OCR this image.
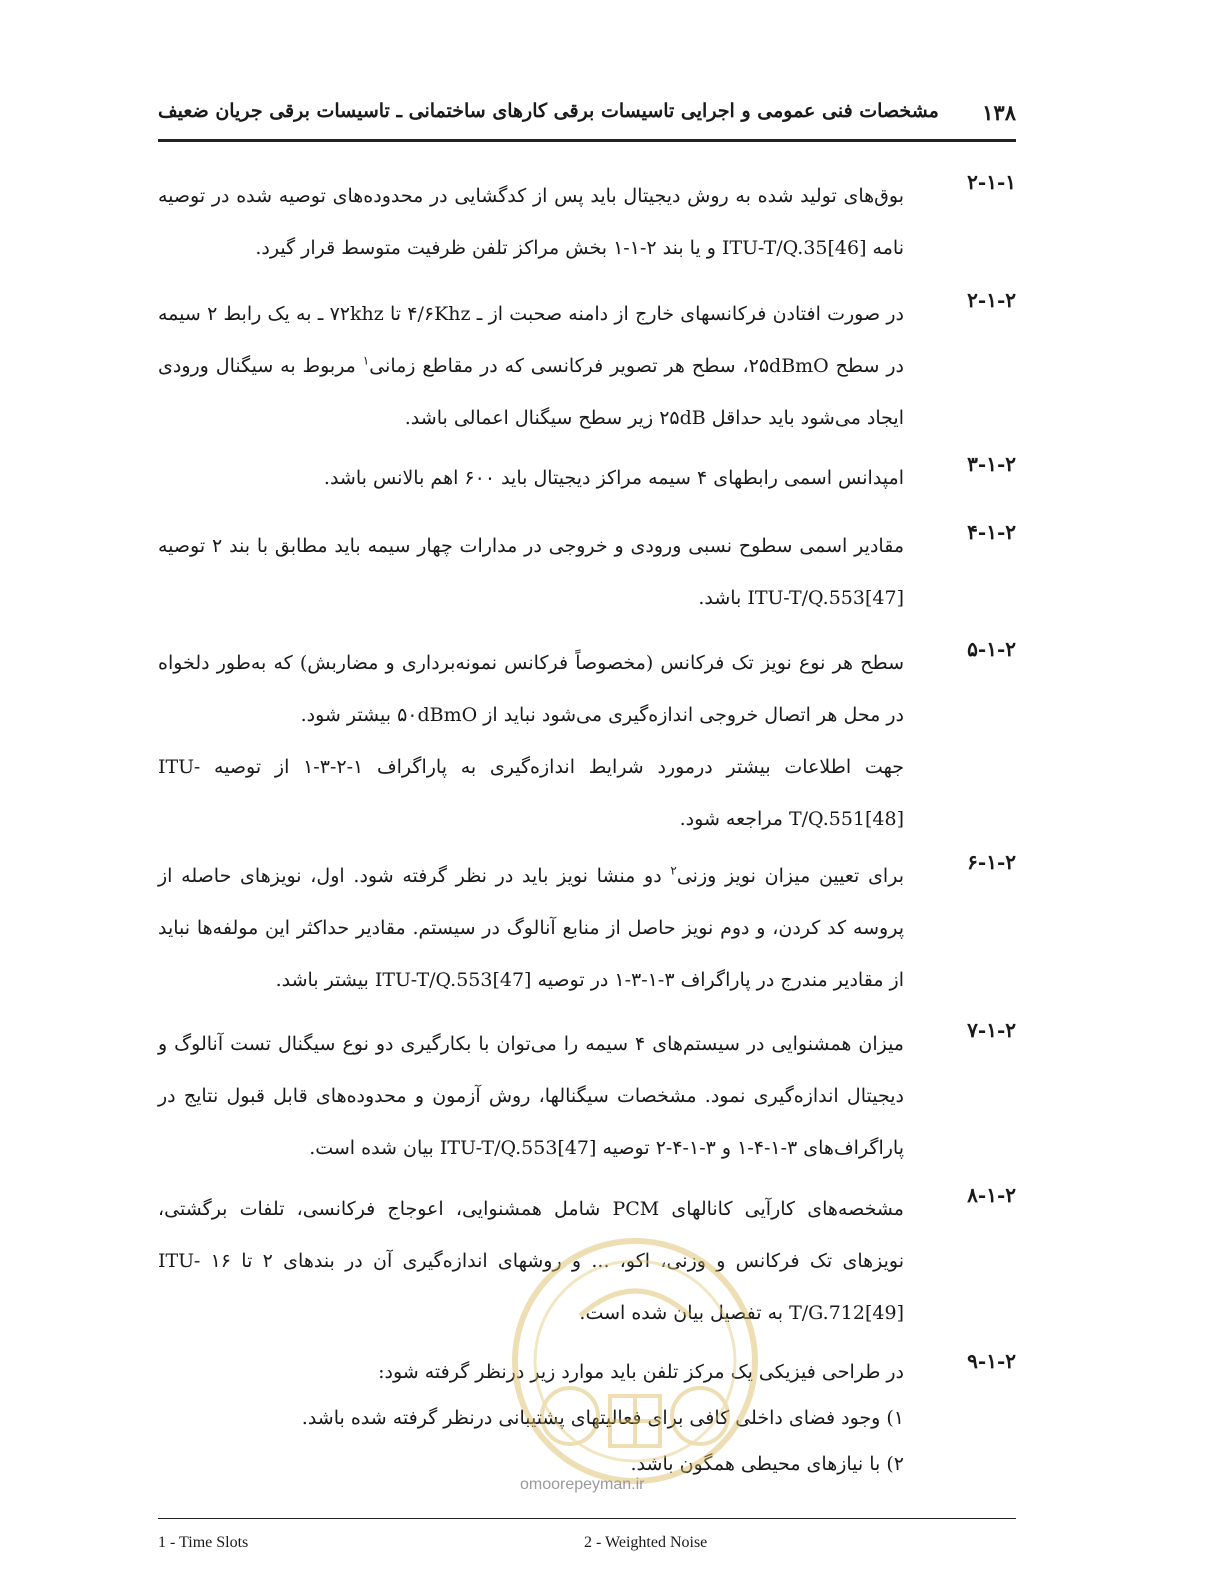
۱۳۸
مشخصات فنی عمومی و اجرایی تاسیسات برقی کارهای ساختمانی ـ تاسیسات برقی جریان ضعیف
۲-۱-۱

بوق‌های تولید شده به روش دیجیتال باید پس از کدگشایی در محدوده‌های توصیه شده در توصیه نامه ITU-T/Q.35[46] و یا بند ۲-۱-۱ بخش مراکز تلفن ظرفیت متوسط قرار گیرد.

۲-۱-۲

در صورت افتادن فرکانسهای خارج از دامنه صحبت از ـ ۴/۶Khz تا ۷۲khz ـ به یک رابط ۲ سیمه در سطح ۲۵dBmO، سطح هر تصویر فرکانسی که در مقاطع زمانی$^۱$ مربوط به سیگنال ورودی ایجاد می‌شود باید حداقل ۲۵dB زیر سطح سیگنال اعمالی باشد.

۳-۱-۲

امپدانس اسمی رابطهای ۴ سیمه مراکز دیجیتال باید ۶۰۰ اهم بالانس باشد.

۴-۱-۲

مقادیر اسمی سطوح نسبی ورودی و خروجی در مدارات چهار سیمه باید مطابق با بند ۲ توصیه ITU-T/Q.553[47] باشد.

۵-۱-۲

سطح هر نوع نویز تک فرکانس (مخصوصاً فرکانس نمونه‌برداری و مضاربش) که به‌طور دلخواه در محل هر اتصال خروجی اندازه‌گیری می‌شود نباید از ۵۰dBmO بیشتر شود.

جهت اطلاعات بیشتر درمورد شرایط اندازه‌گیری به پاراگراف ۱-۲-۳-۱ از توصیه ITU-T/Q.551[48] مراجعه شود.

۶-۱-۲

برای تعیین میزان نویز وزنی$^۲$ دو منشا نویز باید در نظر گرفته شود. اول، نویزهای حاصله از پروسه کد کردن، و دوم نویز حاصل از منابع آنالوگ در سیستم. مقادیر حداکثر این مولفه‌ها نباید از مقادیر مندرج در پاراگراف ۳-۱-۳-۱ در توصیه ITU-T/Q.553[47] بیشتر باشد.

۷-۱-۲

میزان همشنوایی در سیستم‌های ۴ سیمه را می‌توان با بکارگیری دو نوع سیگنال تست آنالوگ و دیجیتال اندازه‌گیری نمود. مشخصات سیگنالها، روش آزمون و محدوده‌های قابل قبول نتایج در پاراگراف‌های ۳-۱-۴-۱ و ۳-۱-۴-۲ توصیه ITU-T/Q.553[47] بیان شده است.

۸-۱-۲

مشخصه‌های کارآیی کانالهای PCM شامل همشنوایی، اعوجاج فرکانسی، تلفات برگشتی، نویزهای تک فرکانس و وزنی، اکو، ... و روشهای اندازه‌گیری آن در بندهای ۲ تا ۱۶ ITU-T/G.712[49] به تفصیل بیان شده است.

۹-۱-۲

در طراحی فیزیکی یک مرکز تلفن باید موارد زیر درنظر گرفته شود:

۱) وجود فضای داخلی کافی برای فعالیتهای پشتیبانی درنظر گرفته شده باشد.

۲) با نیازهای محیطی همگون باشد.

omoorepeyman.ir
1 - Time Slots	2 - Weighted Noise
